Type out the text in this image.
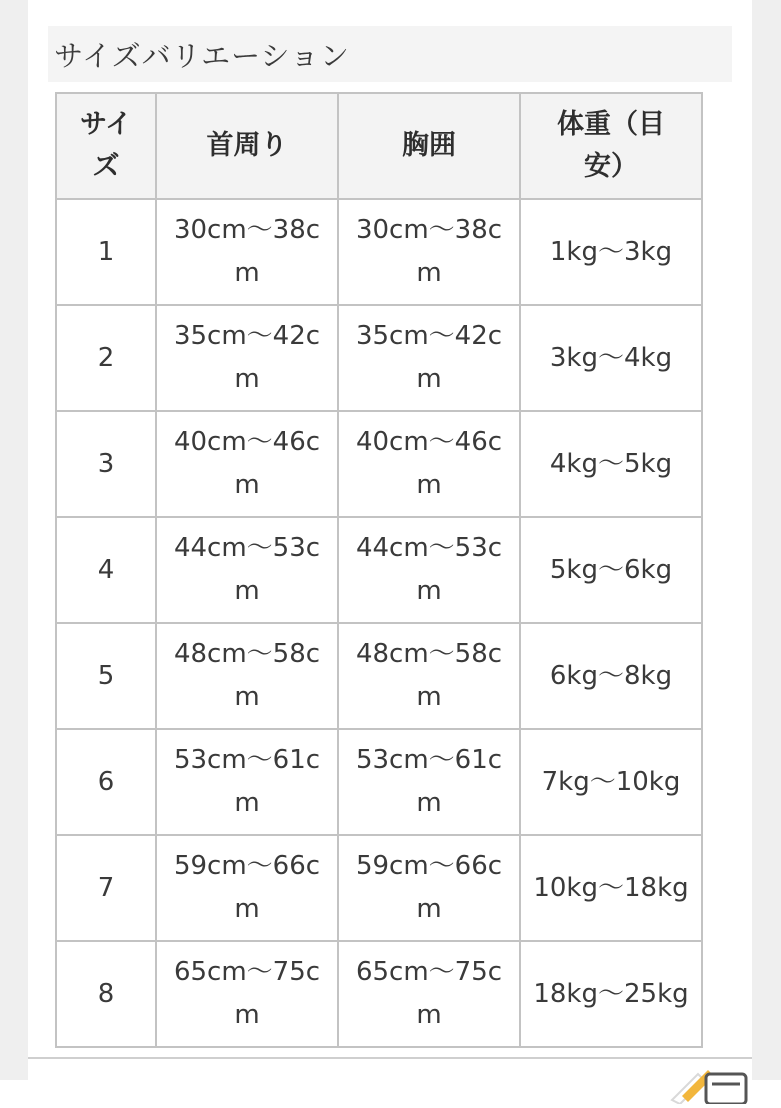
サイズバリエーション
サイズ	首周り	胸囲	体重（目安）

1	30cm〜38cm	30cm〜38cm	1kg〜3kg
2	35cm〜42cm	35cm〜42cm	3kg〜4kg
3	40cm〜46cm	40cm〜46cm	4kg〜5kg
4	44cm〜53cm	44cm〜53cm	5kg〜6kg
5	48cm〜58cm	48cm〜58cm	6kg〜8kg
6	53cm〜61cm	53cm〜61cm	7kg〜10kg
7	59cm〜66cm	59cm〜66cm	10kg〜18kg
8	65cm〜75cm	65cm〜75cm	18kg〜25kg
